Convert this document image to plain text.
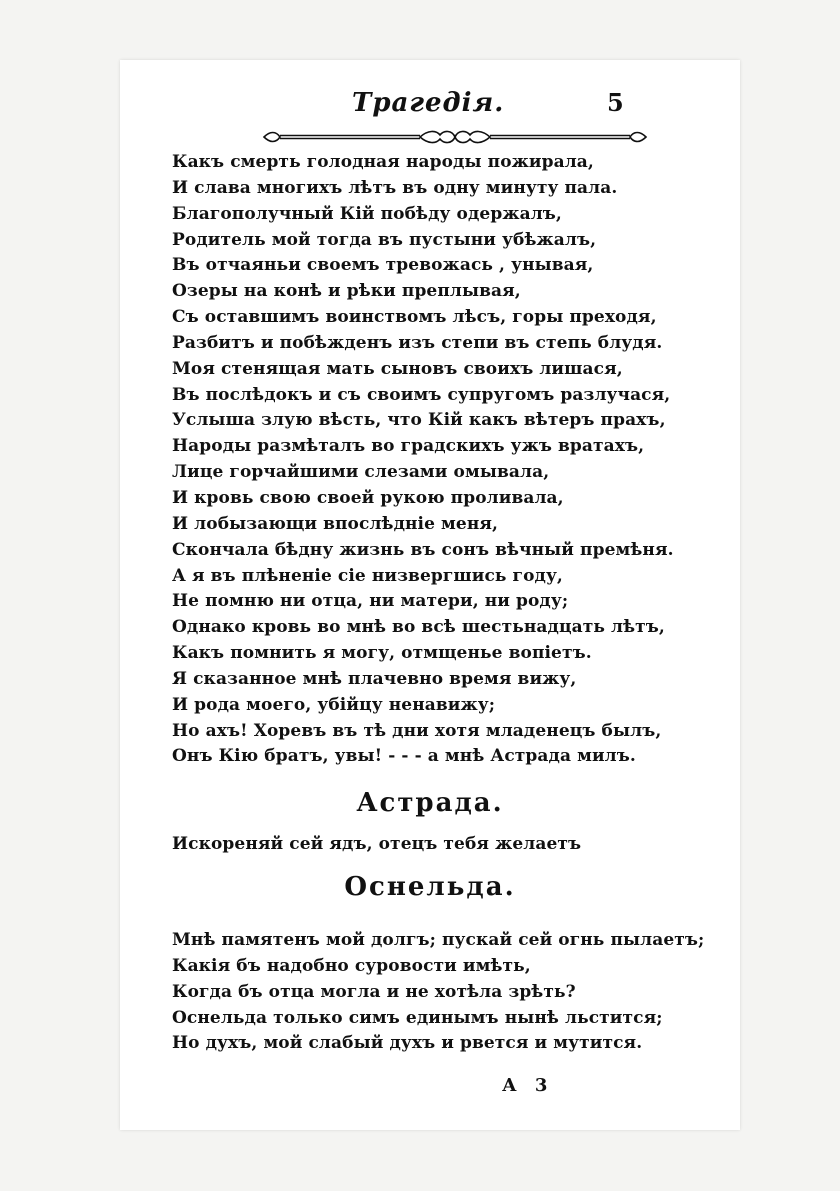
Трагедія.	5
Какъ смерть голодная народы пожирала,
И слава многихъ лѣтъ въ одну минуту пала.
Благополучный Кій побѣду одержалъ,
Родитель мой тогда въ пустыни убѣжалъ,
Въ отчаяньи своемъ тревожась , унывая,
Озеры на конѣ и рѣки преплывая,
Съ оставшимъ воинствомъ лѣсъ, горы преходя,
Разбитъ и побѣжденъ изъ степи въ степь блудя.
Моя стенящая мать сыновъ своихъ лишася,
Въ послѣдокъ и съ своимъ супругомъ разлучася,
Услыша злую вѣсть, что Кій какъ вѣтеръ прахъ,
Народы размѣталъ во градскихъ ужъ вратахъ,
Лице горчайшими слезами омывала,
И кровь свою своей рукою проливала,
И лобызающи впослѣдніе меня,
Скончала бѣдну жизнь въ сонъ вѣчный премѣня.
А я въ плѣненіе сіе низвергшись году,
Не помню ни отца, ни матери, ни роду;
Однако кровь во мнѣ во всѣ шестьнадцать лѣтъ,
Какъ помнить я могу, отмщенье вопіетъ.
Я сказанное мнѣ плачевно время вижу,
И рода моего, убійцу ненавижу;
Но ахъ! Хоревъ въ тѣ дни хотя младенецъ былъ,
Онъ Кію братъ, увы! - - - а мнѣ Астрада милъ.
Астрада.
Искореняй сей ядъ, отецъ тебя желаетъ
Оснельда.
Мнѣ памятенъ мой долгъ; пускай сей огнь пылаетъ;
Какія бъ надобно суровости имѣть,
Когда бъ отца могла и не хотѣла зрѣть?
Оснельда только симъ единымъ нынѣ льстится;
Но духъ, мой слабый духъ и рвется и мутится.
А 3
